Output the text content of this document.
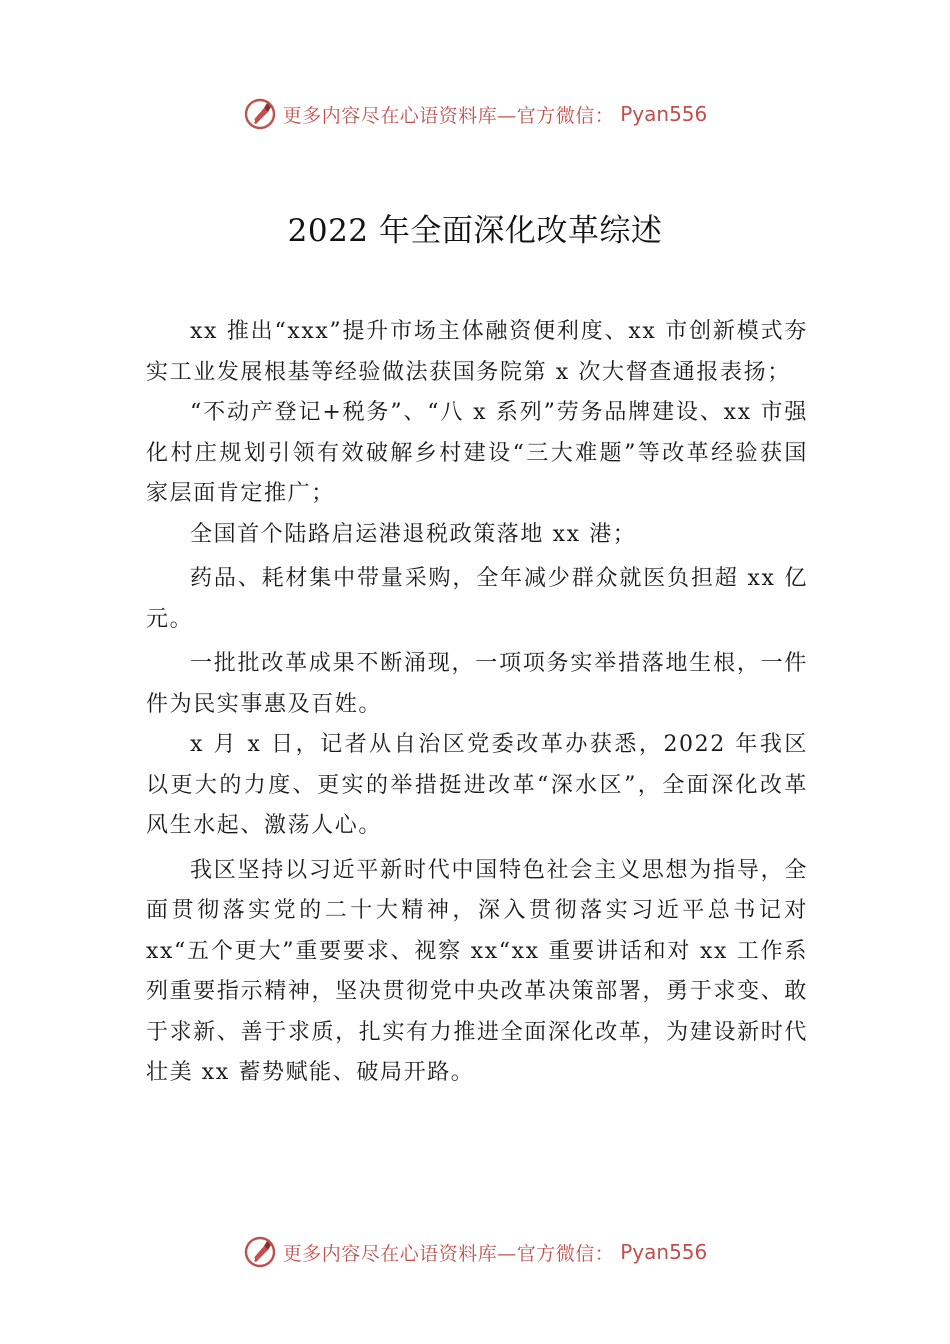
更多内容尽在心语资料库—官方微信： Pyan556
2022 年全面深化改革综述

xx 推出“xxx”提升市场主体融资便利度、xx 市创新模式夯实工业发展根基等经验做法获国务院第 x 次大督查通报表扬；

“不动产登记+税务”、“八 x 系列”劳务品牌建设、xx 市强化村庄规划引领有效破解乡村建设“三大难题”等改革经验获国家层面肯定推广；

全国首个陆路启运港退税政策落地 xx 港；

药品、耗材集中带量采购，全年减少群众就医负担超 xx 亿元。

一批批改革成果不断涌现，一项项务实举措落地生根，一件件为民实事惠及百姓。

x 月 x 日，记者从自治区党委改革办获悉，2022 年我区以更大的力度、更实的举措挺进改革“深水区”，全面深化改革风生水起、激荡人心。

我区坚持以习近平新时代中国特色社会主义思想为指导，全面贯彻落实党的二十大精神，深入贯彻落实习近平总书记对 xx“五个更大”重要要求、视察 xx“xx 重要讲话和对 xx 工作系列重要指示精神，坚决贯彻党中央改革决策部署，勇于求变、敢于求新、善于求质，扎实有力推进全面深化改革，为建设新时代壮美 xx 蓄势赋能、破局开路。

更多内容尽在心语资料库—官方微信： Pyan556
